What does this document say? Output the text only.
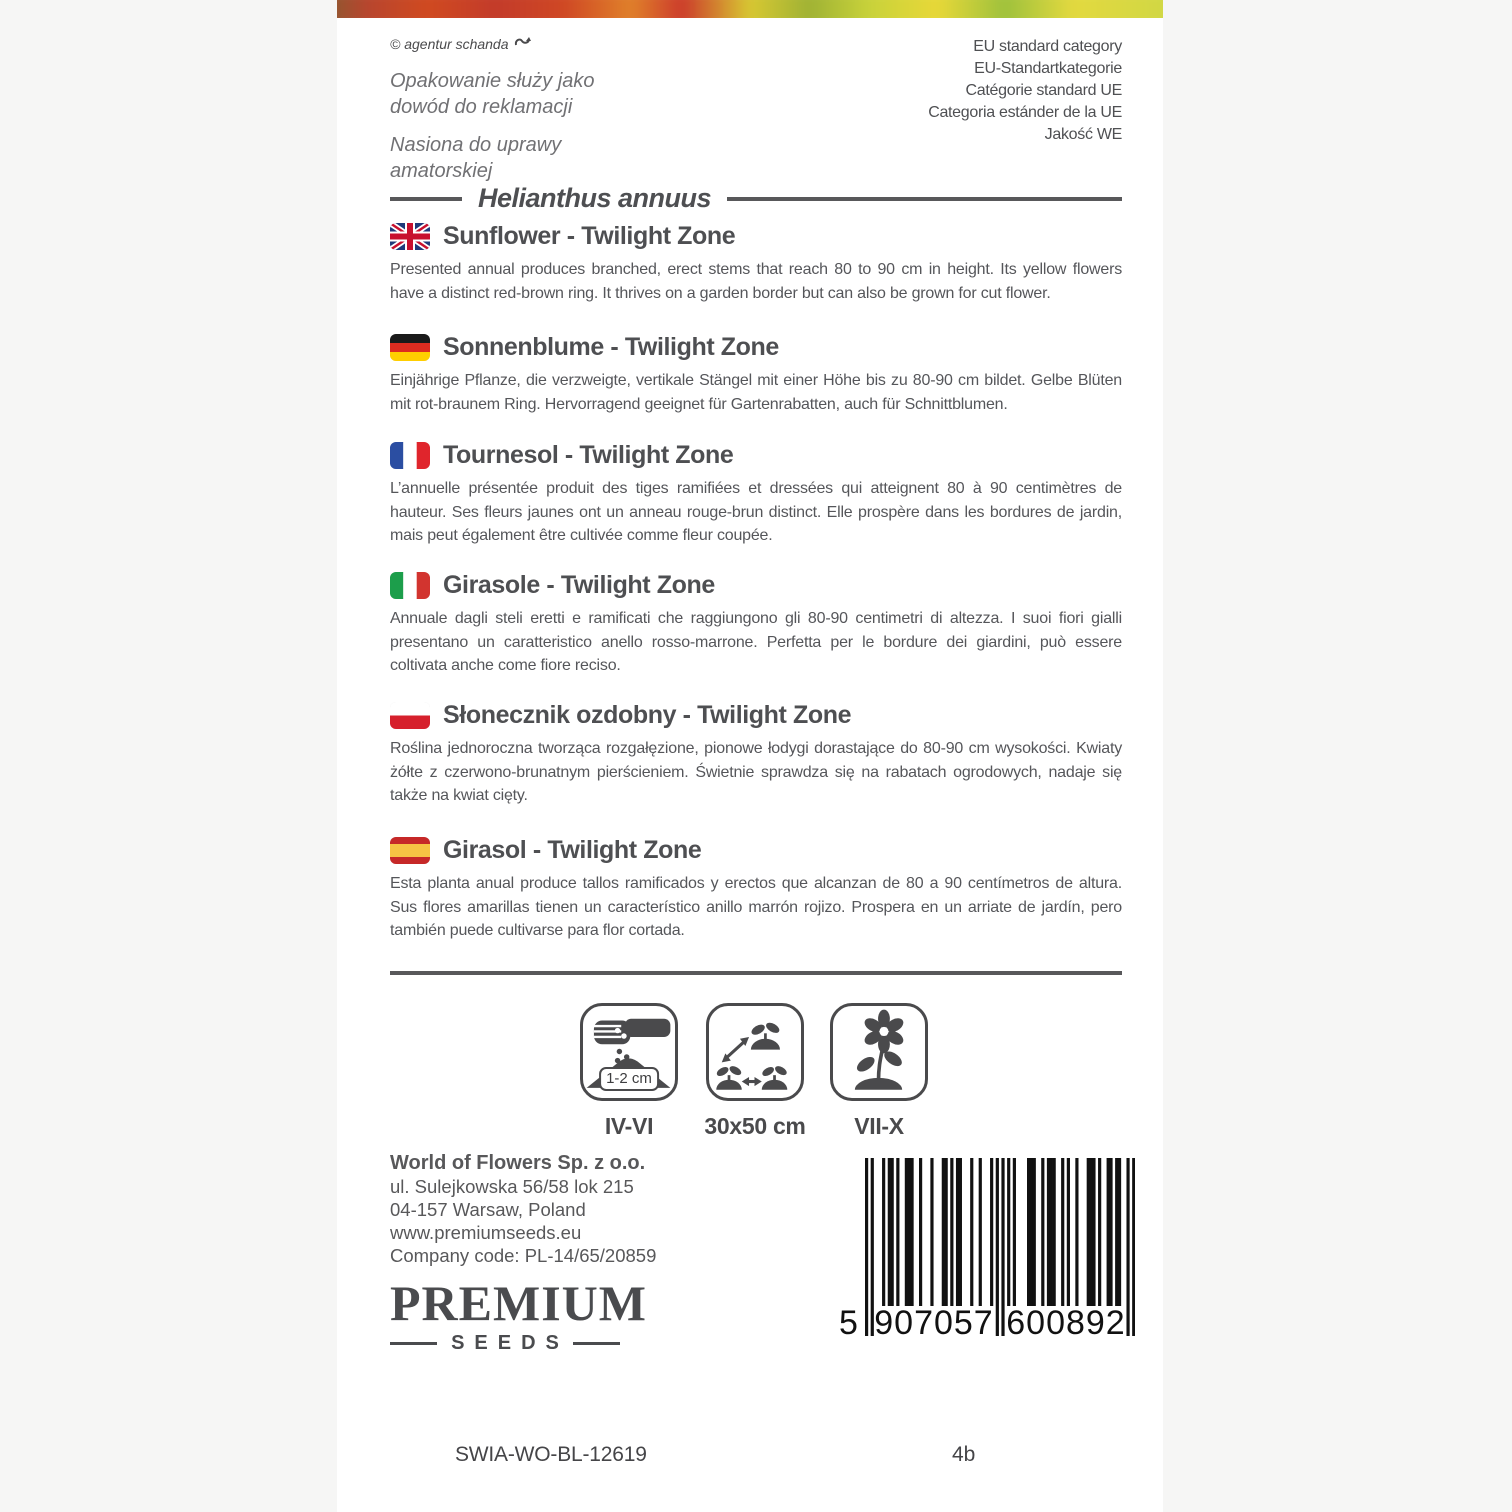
© agentur schanda
Opakowanie służy jako
dowód do reklamacji
Nasiona do uprawy
amatorskiej
EU standard category
EU-Standartkategorie
Catégorie standard UE
Categoria estánder de la UE
Jakość WE
Helianthus annuus
Sunflower - Twilight Zone
Presented annual produces branched, erect stems that reach 80 to 90 cm in height. Its yellow flowers have a distinct red-brown ring. It thrives on a garden border but can also be grown for cut flower.
Sonnenblume - Twilight Zone
Einjährige Pflanze, die verzweigte, vertikale Stängel mit einer Höhe bis zu 80-90 cm bildet. Gelbe Blüten mit rot-braunem Ring. Hervorragend geeignet für Gartenrabatten, auch für Schnittblumen.
Tournesol - Twilight Zone
L’annuelle présentée produit des tiges ramifiées et dressées qui atteignent 80 à 90 centimètres de hauteur. Ses fleurs jaunes ont un anneau rouge-brun distinct. Elle prospère dans les bordures de jardin, mais peut également être cultivée comme fleur coupée.
Girasole - Twilight Zone
Annuale dagli steli eretti e ramificati che raggiungono gli 80-90 centimetri di altezza. I suoi fiori gialli presentano un caratteristico anello rosso-marrone. Perfetta per le bordure dei giardini, può essere coltivata anche come fiore reciso.
Słonecznik ozdobny - Twilight Zone
Roślina jednoroczna tworząca rozgałęzione, pionowe łodygi dorastające do 80-90 cm wysokości. Kwiaty żółte z czerwono-brunatnym pierścieniem. Świetnie sprawdza się na rabatach ogrodowych, nadaje się także na kwiat cięty.
Girasol - Twilight Zone
Esta planta anual produce tallos ramificados y erectos que alcanzan de 80 a 90 centímetros de altura. Sus flores amarillas tienen un característico anillo marrón rojizo. Prospera en un arriate de jardín, pero también puede cultivarse para flor cortada.
1-2 cm
IV-VI	30x50 cm	VII-X
World of Flowers Sp. z o.o.
ul. Sulejkowska 56/58 lok 215
04-157 Warsaw, Poland
www.premiumseeds.eu
Company code: PL-14/65/20859
PREMIUM
SEEDS
5 907057 600892
SWIA-WO-BL-12619	4b
